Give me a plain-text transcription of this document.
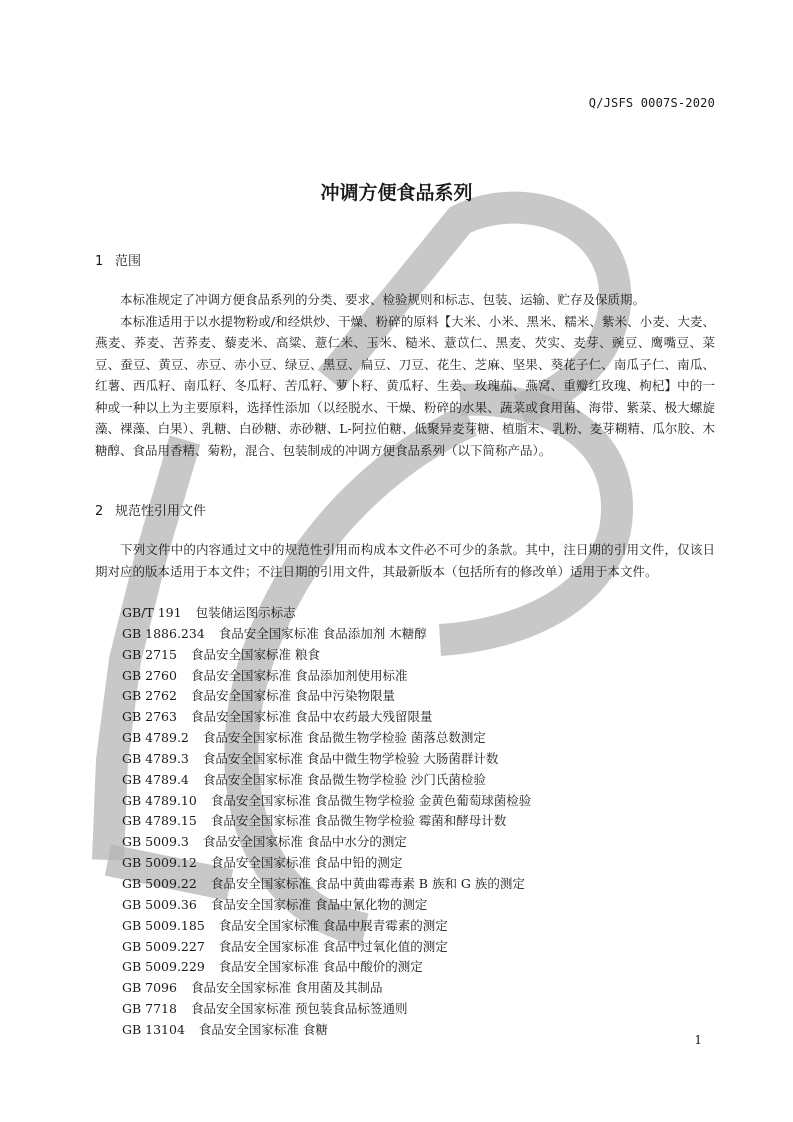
Q/JSFS 0007S-2020
冲调方便食品系列
1 范围

本标准规定了冲调方便食品系列的分类、要求、检验规则和标志、包装、运输、贮存及保质期。

本标准适用于以水提物粉或/和经烘炒、干燥、粉碎的原料【大米、小米、黑米、糯米、紫米、小麦、大麦、燕麦、荞麦、苦荞麦、藜麦米、高粱、薏仁米、玉米、糙米、薏苡仁、黑麦、芡实、麦芽、豌豆、鹰嘴豆、菜豆、蚕豆、黄豆、赤豆、赤小豆、绿豆、黑豆、扁豆、刀豆、花生、芝麻、坚果、葵花子仁、南瓜子仁、南瓜、红薯、西瓜籽、南瓜籽、冬瓜籽、苦瓜籽、萝卜籽、黄瓜籽、生姜、玫瑰茄、燕窝、重瓣红玫瑰、枸杞】中的一种或一种以上为主要原料，选择性添加（以经脱水、干燥、粉碎的水果、蔬菜或食用菌、海带、紫菜、极大螺旋藻、裸藻、白果）、乳糖、白砂糖、赤砂糖、L-阿拉伯糖、低聚异麦芽糖、植脂末、乳粉、麦芽糊精、瓜尔胶、木糖醇、食品用香精、菊粉，混合、包装制成的冲调方便食品系列（以下简称产品）。

2 规范性引用文件

下列文件中的内容通过文中的规范性引用而构成本文件必不可少的条款。其中，注日期的引用文件，仅该日期对应的版本适用于本文件；不注日期的引用文件，其最新版本（包括所有的修改单）适用于本文件。

GB/T 191 包装储运图示标志
GB 1886.234 食品安全国家标准 食品添加剂 木糖醇
GB 2715 食品安全国家标准 粮食
GB 2760 食品安全国家标准 食品添加剂使用标准
GB 2762 食品安全国家标准 食品中污染物限量
GB 2763 食品安全国家标准 食品中农药最大残留限量
GB 4789.2 食品安全国家标准 食品微生物学检验 菌落总数测定
GB 4789.3 食品安全国家标准 食品中微生物学检验 大肠菌群计数
GB 4789.4 食品安全国家标准 食品微生物学检验 沙门氏菌检验
GB 4789.10 食品安全国家标准 食品微生物学检验 金黄色葡萄球菌检验
GB 4789.15 食品安全国家标准 食品微生物学检验 霉菌和酵母计数
GB 5009.3 食品安全国家标准 食品中水分的测定
GB 5009.12 食品安全国家标准 食品中铅的测定
GB 5009.22 食品安全国家标准 食品中黄曲霉毒素 B 族和 G 族的测定
GB 5009.36 食品安全国家标准 食品中氰化物的测定
GB 5009.185 食品安全国家标准 食品中展青霉素的测定
GB 5009.227 食品安全国家标准 食品中过氧化值的测定
GB 5009.229 食品安全国家标准 食品中酸价的测定
GB 7096 食品安全国家标准 食用菌及其制品
GB 7718 食品安全国家标准 预包装食品标签通则
GB 13104 食品安全国家标准 食糖
1
